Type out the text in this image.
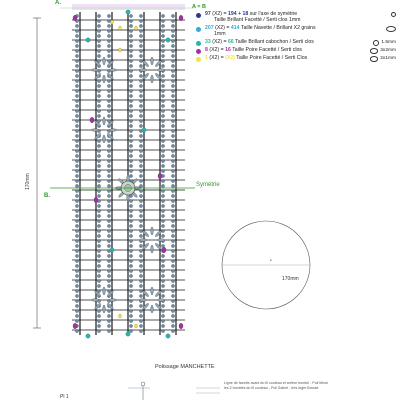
A.
B.
A = B
97 (X2) = 194 + 18 sur l'axe de symétrie
Taille Brillant Facetté / Serti clos 1mm
207 (X2) = 414 Taille Navette / Brillant X2 grains
1mm
33 (X2) = 66 Taille Brillant cabochon / Serti clos	1.5mm
8 (X2) = 16 Taille Poire Facetté / Serti clos	3x2mm
1 (X2) = (X2) Taille Poire Facetté / Serti Clos	2x1mm
Symétrie
170mm
•
170mm
Polissage MANCHETTE
Ligne de facette avant du fil couteau et arrière bombé - Poli Miroir
les 2 bombés du fil couteau - Poli Satiné - très léger Brossé
Pl 1
